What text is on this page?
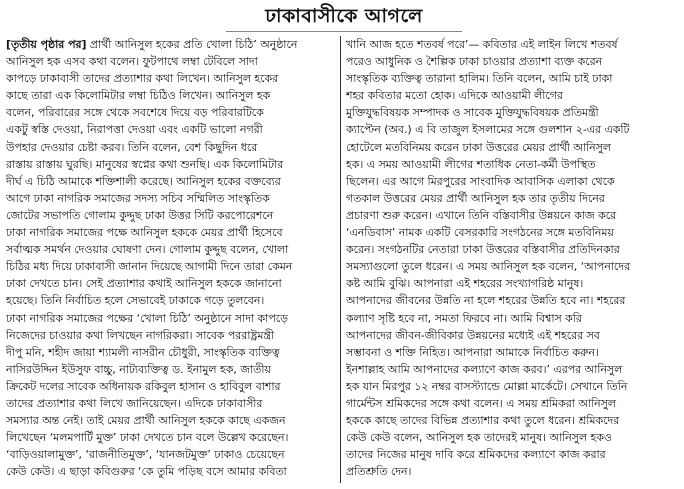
ঢাকাবাসীকে আগলে

[তৃতীয় পৃষ্ঠার পর] প্রার্থী আনিসুল হকের প্রতি খোলা চিঠি’ অনুষ্ঠানে
আনিসুল হক এসব কথা বলেন। ফুটপাথে লম্বা টেবিলে সাদা
কাপড়ে ঢাকাবাসী তাদের প্রত্যাশার কথা লিখেন। আনিসুল হকের
কাছে তারা এক কিলোমিটার লম্বা চিঠিও লিখেন। আনিসুল হক
বলেন, পরিবারের সঙ্গে থেকে সবশেষে দিয়ে বড় পরিবারটিকে
একটু স্বস্তি দেওয়া, নিরাপত্তা দেওয়া এবং একটি ভালো নগরী
উপহার দেওয়ার চেষ্টা করব। তিনি বলেন, বেশ কিছুদিন ধরে
রাস্তায় রাস্তায় ঘুরছি। মানুষের স্বপ্নের কথা শুনছি। এক কিলোমিটার
দীর্ঘ এ চিঠি আমাকে শক্তিশালী করেছে। আনিসুল হকের বক্তব্যের
আগে ঢাকা নাগরিক সমাজের সদস্য সচিব সম্মিলিত সাংস্কৃতিক
জোটের সভাপতি গোলাম কুদ্দুছ ঢাকা উত্তর সিটি করপোরেশনে
ঢাকা নাগরিক সমাজের পক্ষে আনিসুল হককে মেয়র প্রার্থী হিসেবে
সর্বাত্মক সমর্থন দেওয়ার ঘোষণা দেন। গোলাম কুদ্দুছ বলেন, খোলা
চিঠির মধ্য দিয়ে ঢাকাবাসী জানান দিয়েছে আগামী দিনে তারা কেমন
ঢাকা দেখতে চান। সেই প্রত্যাশার কথাই আনিসুল হককে জানানো
হয়েছে। তিনি নির্বাচিত হলে সেভাবেই ঢাকাকে গড়ে তুলবেন।
ঢাকা নাগরিক সমাজের পক্ষের ‘খোলা চিঠি’ অনুষ্ঠানে সাদা কাপড়ে
নিজেদের চাওয়ার কথা লিখছেন নাগরিকরা। সাবেক পররাষ্ট্রমন্ত্রী
দীপু মনি, শহীদ জায়া শ্যামলী নাসরীন চৌধুরী, সাংস্কৃতিক ব্যক্তিত্ব
নাসিরউদ্দিন ইউসুফ বাচ্চু, নাট্যব্যক্তিত্ব ড. ইনামুল হক, জাতীয়
ক্রিকেট দলের সাবেক অধিনায়ক রকিবুল হাসান ও হাবিবুল বাশার
তাদের প্রত্যাশার কথা লিখে জানিয়েছেন। এদিকে ঢাকাবাসীর
সমস্যার অন্ত নেই। তাই মেয়র প্রার্থী আনিসুল হককে কাছে একজন
লিখেছেন ‘মলমপার্টি মুক্ত’ ঢাকা দেখতে চান বলে উল্লেখ করেছেন।
‘বাড়িওয়ালামুক্ত’, ‘রাজনীতিমুক্ত’, ‘যানজটমুক্ত’ ঢাকাও চেয়েছেন
কেউ কেউ। এ ছাড়া কবিগুরুর ‘কে তুমি পড়িছ বসে আমার কবিতা

খানি আজ হতে শতবর্ষ পরে’— কবিতার এই লাইন লিখে শতবর্ষ
পরেও আধুনিক ও শৈল্পিক ঢাকা চাওয়ার প্রত্যাশা ব্যক্ত করেন
সাংস্কৃতিক ব্যক্তিত্ব তারানা হালিম। তিনি বলেন, আমি চাই ঢাকা
শহর কবিতার মতো হোক। এদিকে আওয়ামী লীগের
মুক্তিযুদ্ধবিষয়ক সম্পাদক ও সাবেক মুক্তিযুদ্ধবিষয়ক প্রতিমন্ত্রী
ক্যাপ্টেন (অব.) এ বি তাজুল ইসলামের সঙ্গে গুলশান ২-এর একটি
হোটেলে মতবিনিময় করেন ঢাকা উত্তরের মেয়র প্রার্থী আনিসুল
হক। এ সময় আওয়ামী লীগের শতাধিক নেতা-কর্মী উপস্থিত
ছিলেন। এর আগে মিরপুরের সাংবাদিক আবাসিক এলাকা থেকে
গতকাল উত্তরের মেয়র প্রার্থী আনিসুল হক তার তৃতীয় দিনের
প্রচারণা শুরু করেন। এখানে তিনি বস্তিবাসীর উন্নয়নে কাজ করে
‘এনডিবাস’ নামক একটি বেসরকারি সংগঠনের সঙ্গে মতবিনিময়
করেন। সংগঠনটির নেতারা ঢাকা উত্তরের বস্তিবাসীর প্রতিদিনকার
সমস্যাগুলো তুলে ধরেন। এ সময় আনিসুল হক বলেন, ‘আপনাদের
কষ্ট আমি বুঝি। আপনারা এই শহরের সংখ্যাগরিষ্ঠ মানুষ।
আপনাদের জীবনের উন্নতি না হলে শহরের উন্নতি হবে না। শহরের
কল্যাণ সৃষ্টি হবে না, সমতা ফিরবে না। আমি বিশ্বাস করি
আপনাদের জীবন-জীবিকার উন্নয়নের মধ্যেই এই শহরের সব
সম্ভাবনা ও শক্তি নিহিত। আপনারা আমাকে নির্বাচিত করুন।
ইনশাল্লাহ আমি আপনাদের কল্যাণে কাজ করব।’ এরপর আনিসুল
হক যান মিরপুর ১২ নম্বর বাসস্ট্যান্ডে মোল্লা মার্কেটে। সেখানে তিনি
গার্মেন্টস শ্রমিকদের সঙ্গে কথা বলেন। এ সময় শ্রমিকরা আনিসুল
হককে কাছে তাদের বিভিন্ন প্রত্যাশার কথা তুলে ধরেন। শ্রমিকদের
কেউ কেউ বলেন, আনিসুল হক তাদেরই মানুষ। আনিসুল হকও
তাদের নিজের মানুষ দাবি করে শ্রমিকদের কল্যাণে কাজ করার
প্রতিশ্রুতি দেন।
